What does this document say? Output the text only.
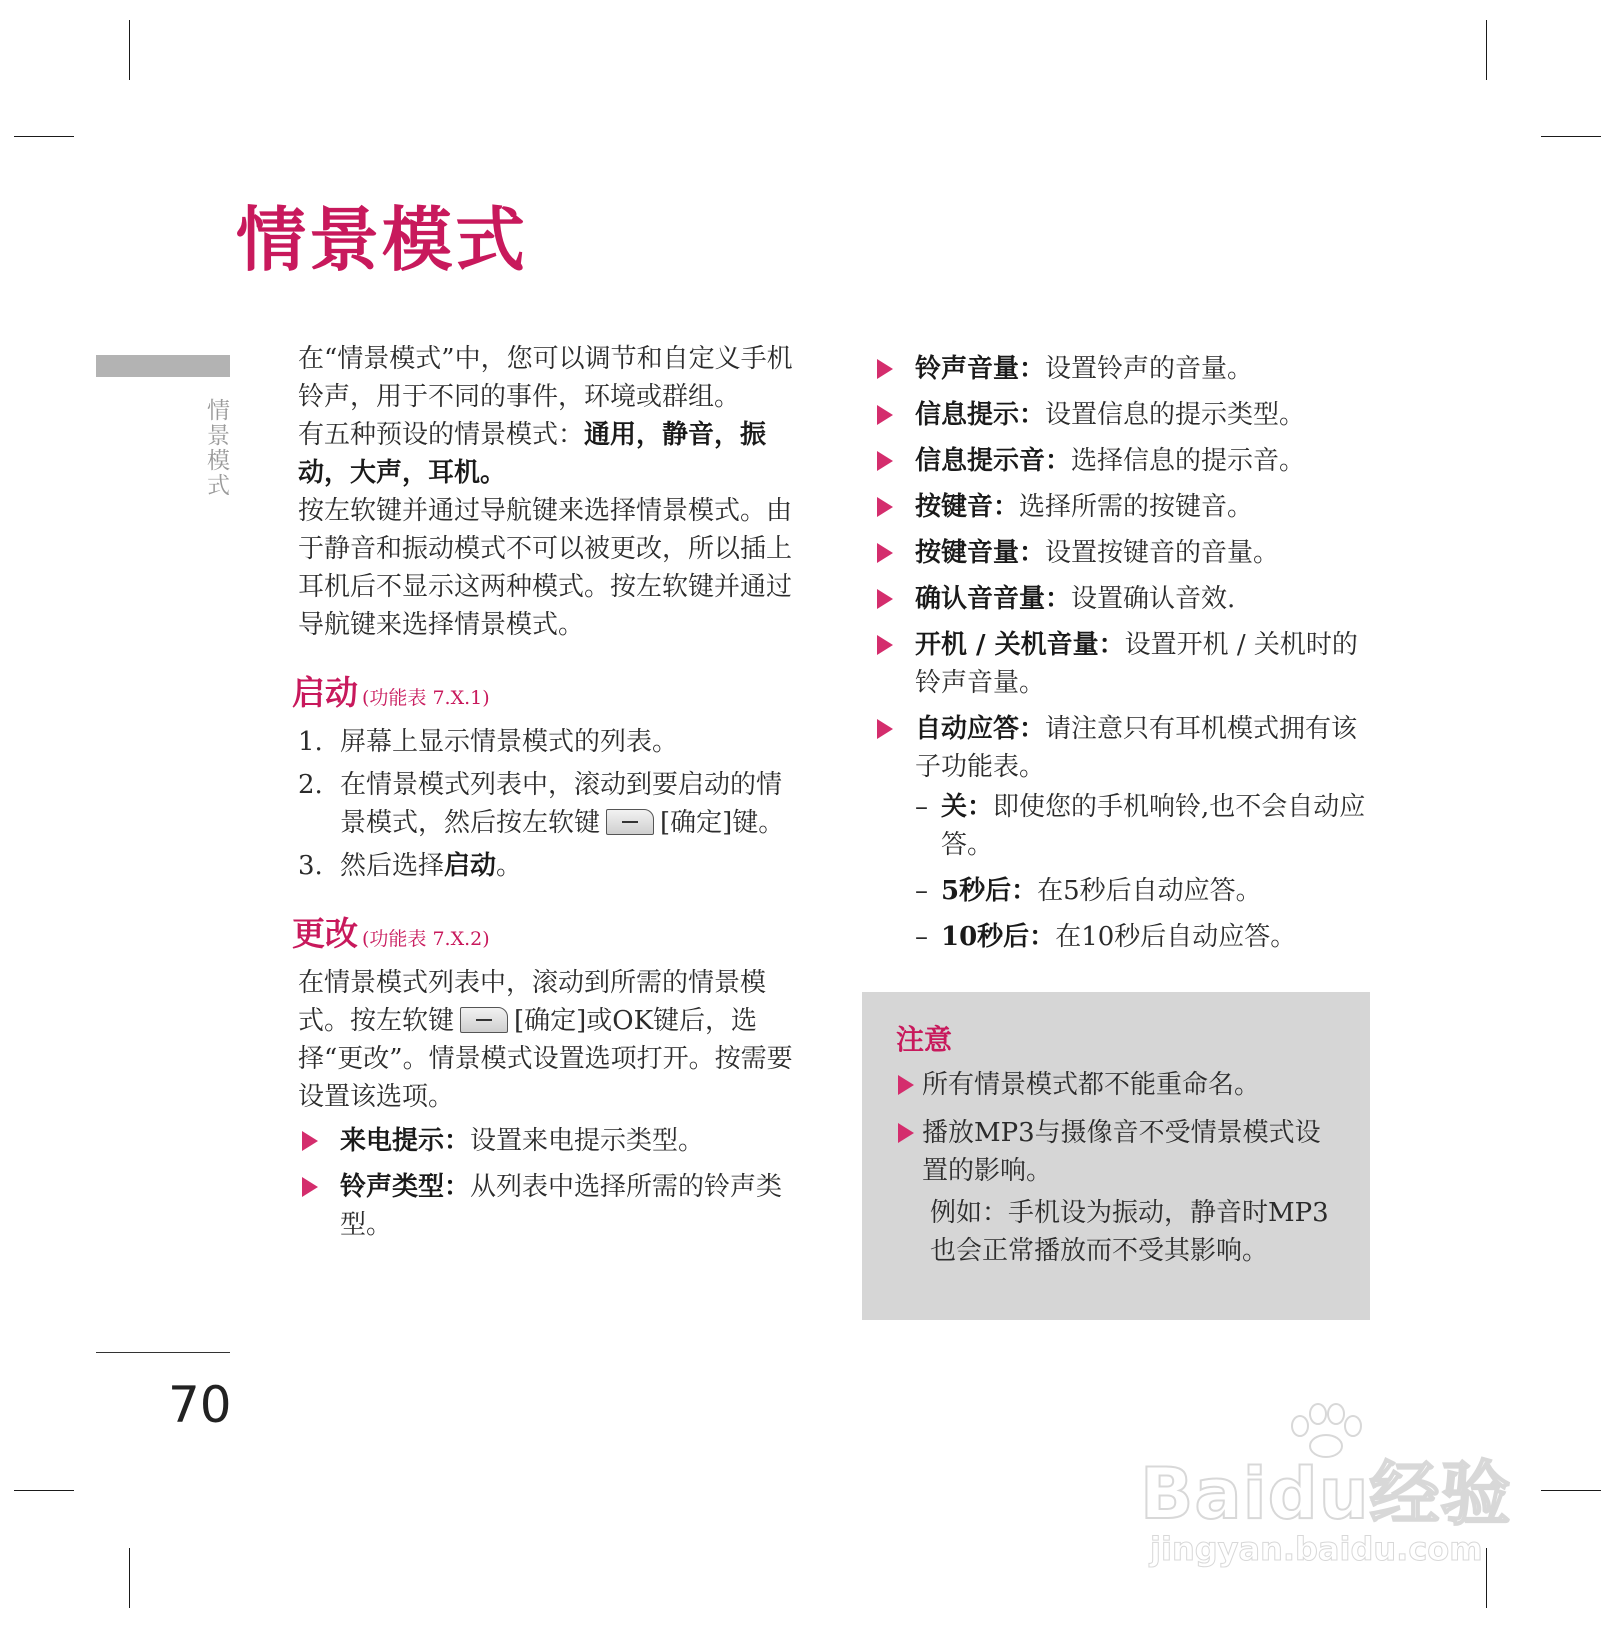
情景模式
情景模式

在“情景模式”中，您可以调节和自定义手机铃声，用于不同的事件，环境或群组。

有五种预设的情景模式：通用，静音，振动，大声，耳机。

按左软键并通过导航键来选择情景模式。由于静音和振动模式不可以被更改，所以插上耳机后不显示这两种模式。按左软键并通过导航键来选择情景模式。

启动 (功能表 7.X.1)
1. 屏幕上显示情景模式的列表。
2. 在情景模式列表中，滚动到要启动的情景模式，然后按左软键 [确定]键。
3. 然后选择启动。
更改 (功能表 7.X.2)

在情景模式列表中，滚动到所需的情景模式。按左软键 [确定]或OK键后，选择“更改”。情景模式设置选项打开。按需要设置该选项。

来电提示：设置来电提示类型。
铃声类型：从列表中选择所需的铃声类型。
铃声音量：设置铃声的音量。
信息提示：设置信息的提示类型。
信息提示音：选择信息的提示音。
按键音：选择所需的按键音。
按键音量：设置按键音的音量。
确认音音量：设置确认音效.
开机 / 关机音量：设置开机 / 关机时的铃声音量。
自动应答：请注意只有耳机模式拥有该子功能表。
– 关：即使您的手机响铃,也不会自动应答。
– 5秒后：在5秒后自动应答。
– 10秒后：在10秒后自动应答。
注意
所有情景模式都不能重命名。
播放MP3与摄像音不受情景模式设置的影响。
例如：手机设为振动，静音时MP3也会正常播放而不受其影响。
70
Baidu经验
jingyan.baidu.com
